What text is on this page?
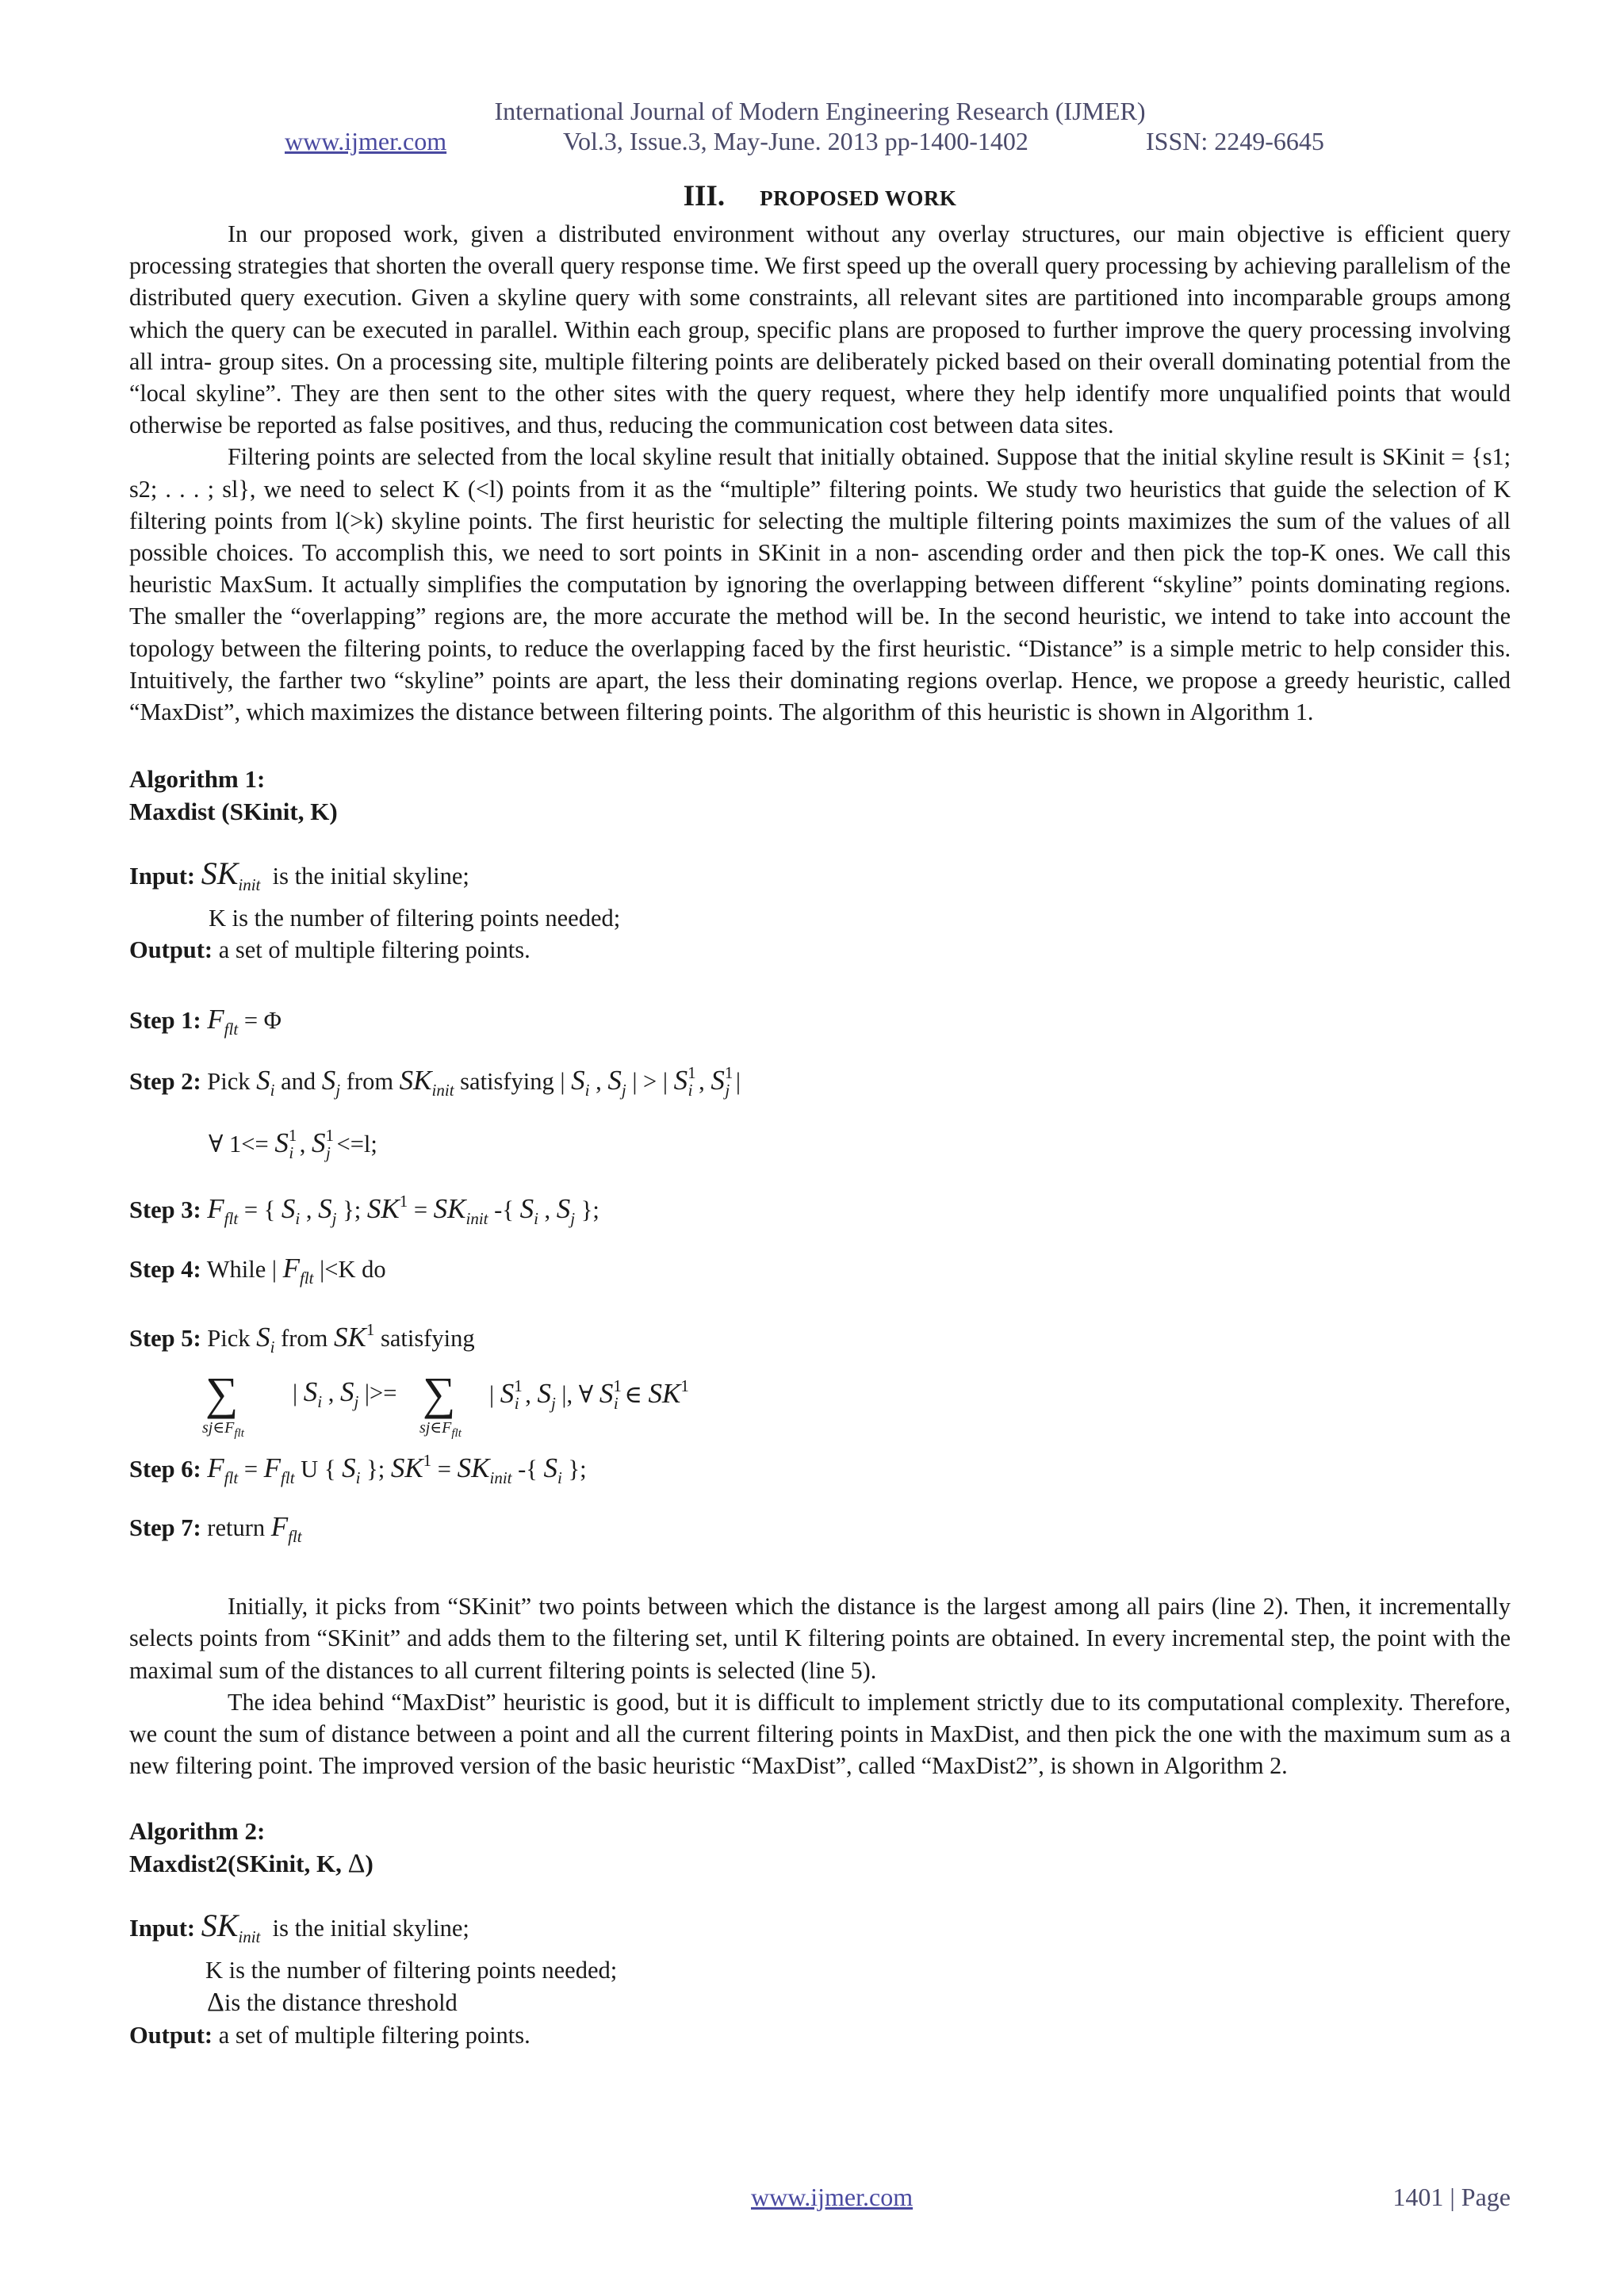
International Journal of Modern Engineering Research (IJMER)
www.ijmer.com	Vol.3, Issue.3, May-June. 2013 pp-1400-1402	ISSN: 2249-6645
III. PROPOSED WORK

In our proposed work, given a distributed environment without any overlay structures, our main objective is efficient query processing strategies that shorten the overall query response time. We first speed up the overall query processing by achieving parallelism of the distributed query execution. Given a skyline query with some constraints, all relevant sites are partitioned into incomparable groups among which the query can be executed in parallel. Within each group, specific plans are proposed to further improve the query processing involving all intra- group sites. On a processing site, multiple filtering points are deliberately picked based on their overall dominating potential from the “local skyline”. They are then sent to the other sites with the query request, where they help identify more unqualified points that would otherwise be reported as false positives, and thus, reducing the communication cost between data sites.

Filtering points are selected from the local skyline result that initially obtained. Suppose that the initial skyline result is SKinit = {s1; s2; . . . ; sl}, we need to select K (<l) points from it as the “multiple” filtering points. We study two heuristics that guide the selection of K filtering points from l(>k) skyline points. The first heuristic for selecting the multiple filtering points maximizes the sum of the values of all possible choices. To accomplish this, we need to sort points in SKinit in a non- ascending order and then pick the top-K ones. We call this heuristic MaxSum. It actually simplifies the computation by ignoring the overlapping between different “skyline” points dominating regions. The smaller the “overlapping” regions are, the more accurate the method will be. In the second heuristic, we intend to take into account the topology between the filtering points, to reduce the overlapping faced by the first heuristic. “Distance” is a simple metric to help consider this. Intuitively, the farther two “skyline” points are apart, the less their dominating regions overlap. Hence, we propose a greedy heuristic, called “MaxDist”, which maximizes the distance between filtering points. The algorithm of this heuristic is shown in Algorithm 1.

Algorithm 1:

Maxdist (SKinit, K)

Input: $SK_{init}$ is the initial skyline;

K is the number of filtering points needed;

Output: a set of multiple filtering points.

Step 1: $F_{flt} = \Phi$

Step 2: Pick $S_i$ and $S_j$ from $SK_{init}$ satisfying | $S_i$ , $S_j$ | > | $S^1_i$ , $S^1_j$ |

∀ $1<= S^1_i$ , $S^1_j <=l$;

Step 3: $F_{flt}$ = { $S_i$ , $S_j$ }; $SK^1 = SK_{init}$ -{ $S_i$ , $S_j$ };

Step 4: While | $F_{flt}$ |<K do

Step 5: Pick $S_i$ from $SK^1$ satisfying

∑
$sj\in F_{flt}$
| $S_i$ , $S_j$ |>= ∑
$sj\in F_{flt}$
| $S^1_i$ , $S_j$ |, ∀ $S^1_i$ ∈ $SK^1$

Step 6: $F_{flt} = F_{flt}$ U { $S_i$ }; $SK^1 = SK_{init}$ -{ $S_i$ };

Step 7: return $F_{flt}$

Initially, it picks from “SKinit” two points between which the distance is the largest among all pairs (line 2). Then, it incrementally selects points from “SKinit” and adds them to the filtering set, until K filtering points are obtained. In every incremental step, the point with the maximal sum of the distances to all current filtering points is selected (line 5).

The idea behind “MaxDist” heuristic is good, but it is difficult to implement strictly due to its computational complexity. Therefore, we count the sum of distance between a point and all the current filtering points in MaxDist, and then pick the one with the maximum sum as a new filtering point. The improved version of the basic heuristic “MaxDist”, called “MaxDist2”, is shown in Algorithm 2.

Algorithm 2:

Maxdist2(SKinit, K, Δ)

Input: $SK_{init}$ is the initial skyline;

K is the number of filtering points needed;

Δis the distance threshold

Output: a set of multiple filtering points.

www.ijmer.com	1401 | Page
